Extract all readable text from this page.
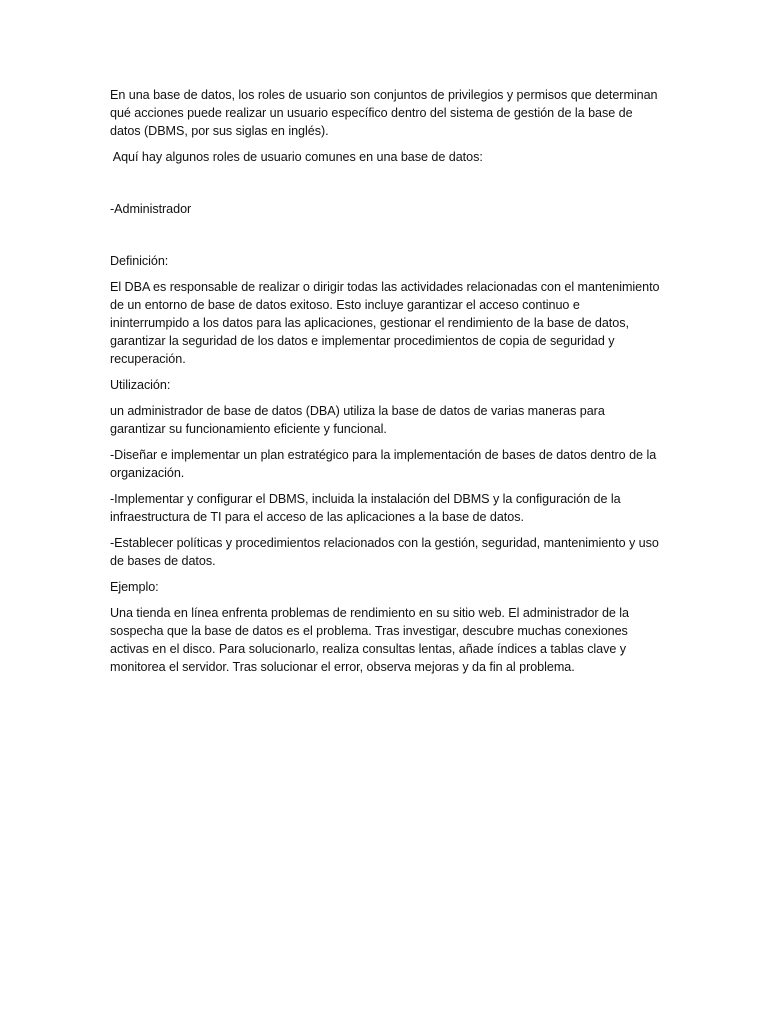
En una base de datos, los roles de usuario son conjuntos de privilegios y permisos que determinan qué acciones puede realizar un usuario específico dentro del sistema de gestión de la base de datos (DBMS, por sus siglas en inglés).

Aquí hay algunos roles de usuario comunes en una base de datos:

-Administrador

Definición:

El DBA es responsable de realizar o dirigir todas las actividades relacionadas con el mantenimiento de un entorno de base de datos exitoso. Esto incluye garantizar el acceso continuo e ininterrumpido a los datos para las aplicaciones, gestionar el rendimiento de la base de datos, garantizar la seguridad de los datos e implementar procedimientos de copia de seguridad y recuperación.

Utilización:

un administrador de base de datos (DBA) utiliza la base de datos de varias maneras para garantizar su funcionamiento eficiente y funcional.

-Diseñar e implementar un plan estratégico para la implementación de bases de datos dentro de la organización.

-Implementar y configurar el DBMS, incluida la instalación del DBMS y la configuración de la infraestructura de TI para el acceso de las aplicaciones a la base de datos.

-Establecer políticas y procedimientos relacionados con la gestión, seguridad, mantenimiento y uso de bases de datos.

Ejemplo:

Una tienda en línea enfrenta problemas de rendimiento en su sitio web. El administrador de la sospecha que la base de datos es el problema. Tras investigar, descubre muchas conexiones activas en el disco. Para solucionarlo, realiza consultas lentas, añade índices a tablas clave y monitorea el servidor. Tras solucionar el error, observa mejoras y da fin al problema.
